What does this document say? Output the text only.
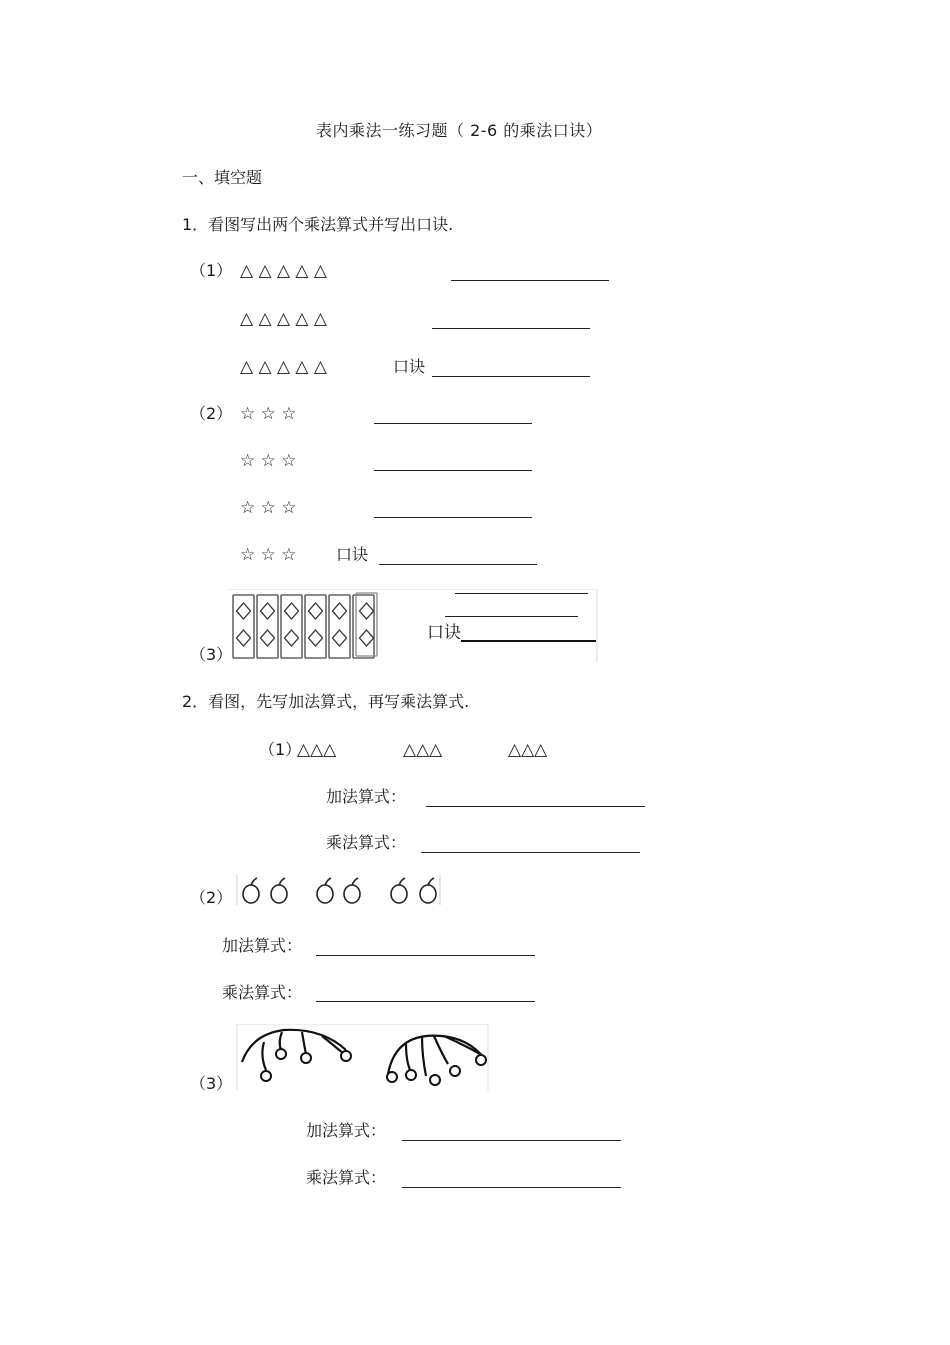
表内乘法一练习题（ 2-6 的乘法口诀）
一、填空题
1．看图写出两个乘法算式并写出口诀.
（1） △ △ △ △ △
△ △ △ △ △
△ △ △ △ △	口诀
（2） ☆ ☆ ☆
☆ ☆ ☆
☆ ☆ ☆
☆ ☆ ☆ 口诀
（3）
口诀
2．看图，先写加法算式，再写乘法算式.
（1）
△△△	△△△	△△△
加法算式：
乘法算式：
（2）
加法算式：
乘法算式：
（3）
加法算式：
乘法算式：
